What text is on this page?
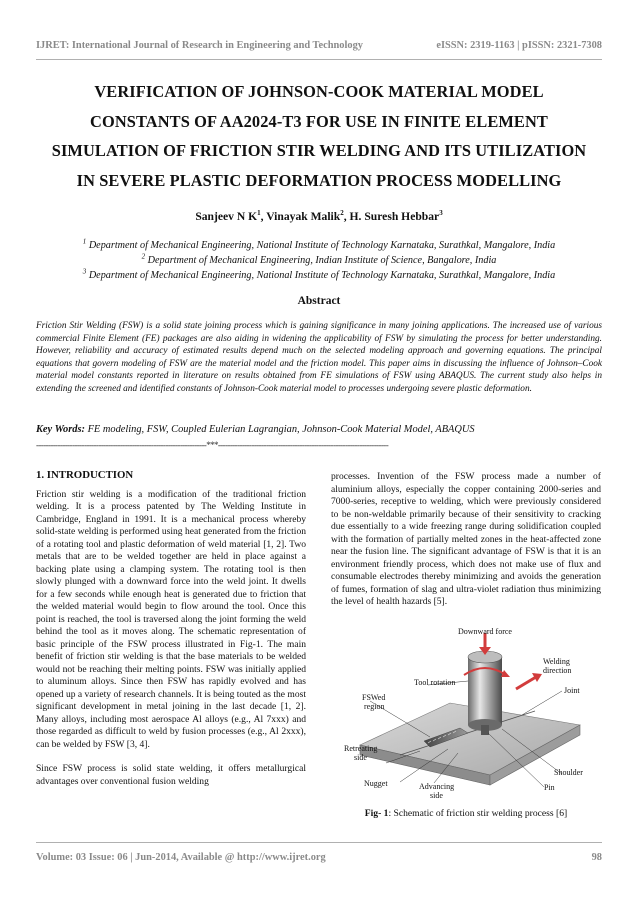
IJRET: International Journal of Research in Engineering and Technology	eISSN: 2319-1163 | pISSN: 2321-7308
VERIFICATION OF JOHNSON-COOK MATERIAL MODEL
CONSTANTS OF AA2024-T3 FOR USE IN FINITE ELEMENT
SIMULATION OF FRICTION STIR WELDING AND ITS UTILIZATION
IN SEVERE PLASTIC DEFORMATION PROCESS MODELLING
Sanjeev N $K^1$, Vinayak Malik$^2$, H. Suresh Hebbar$^3$
$^1$ Department of Mechanical Engineering, National Institute of Technology Karnataka, Surathkal, Mangalore, India
$^2$ Department of Mechanical Engineering, Indian Institute of Science, Bangalore, India
$^3$ Department of Mechanical Engineering, National Institute of Technology Karnataka, Surathkal, Mangalore, India
Abstract
Friction Stir Welding (FSW) is a solid state joining process which is gaining significance in many joining applications. The increased use of various commercial Finite Element (FE) packages are also aiding in widening the applicability of FSW by simulating the process for better understanding. However, reliability and accuracy of estimated results depend much on the selected modeling approach and governing equations. The principal equations that govern modeling of FSW are the material model and the friction model. This paper aims in discussing the influence of Johnson–Cook material model constants reported in literature on results obtained from FE simulations of FSW using ABAQUS. The current study also helps in extending the screened and identified constants of Johnson-Cook material model to processes undergoing severe plastic deformation.
Key Words: FE modeling, FSW, Coupled Eulerian Lagrangian, Johnson-Cook Material Model, ABAQUS
-----------------------------------------------------------------------***-----------------------------------------------------------------------
1. INTRODUCTION

Friction stir welding is a modification of the traditional friction welding. It is a process patented by The Welding Institute in Cambridge, England in 1991. It is a mechanical process whereby solid-state welding is performed using heat generated from the friction of a rotating tool and plastic deformation of weld material [1, 2]. Two metals that are to be welded together are held in place against a backing plate using a clamping system. The rotating tool is then slowly plunged with a downward force into the weld joint. It dwells for a few seconds while enough heat is generated due to friction that the welded material would begin to flow around the tool. Once this point is reached, the tool is traversed along the joint forming the weld behind the tool as it moves along. The schematic representation of basic principle of the FSW process illustrated in Fig-1. The main benefit of friction stir welding is that the base materials to be welded would not be reaching their melting points. FSW was initially applied to aluminum alloys. Since then FSW has rapidly evolved and has opened up a variety of research channels. It is being touted as the most significant development in metal joining in the last decade [1, 2]. Many alloys, including most aerospace Al alloys (e.g., Al 7xxx) and those regarded as difficult to weld by fusion processes (e.g., Al 2xxx), can be welded by FSW [3, 4].

Since FSW process is solid state welding, it offers metallurgical advantages over conventional fusion welding

processes. Invention of the FSW process made a number of aluminium alloys, especially the copper containing 2000-series and 7000-series, receptive to welding, which were previously considered to be non-weldable primarily because of their sensitivity to cracking due essentially to a wide freezing range during solidification coupled with the formation of partially melted zones in the heat-affected zone near the fusion line. The significant advantage of FSW is that it is an environment friendly process, which does not make use of flux and consumable electrodes thereby minimizing and avoids the generation of fumes, formation of slag and ultra-violet radiation thus minimizing the level of health hazards [5].

Downward force
Welding
direction
Tool rotation
Joint
FSWed
region
Retreating
side
Shoulder
Nugget	Advancing
side
Pin
Fig- 1: Schematic of friction stir welding process [6]
Volume: 03 Issue: 06 | Jun-2014, Available @ http://www.ijret.org	98
